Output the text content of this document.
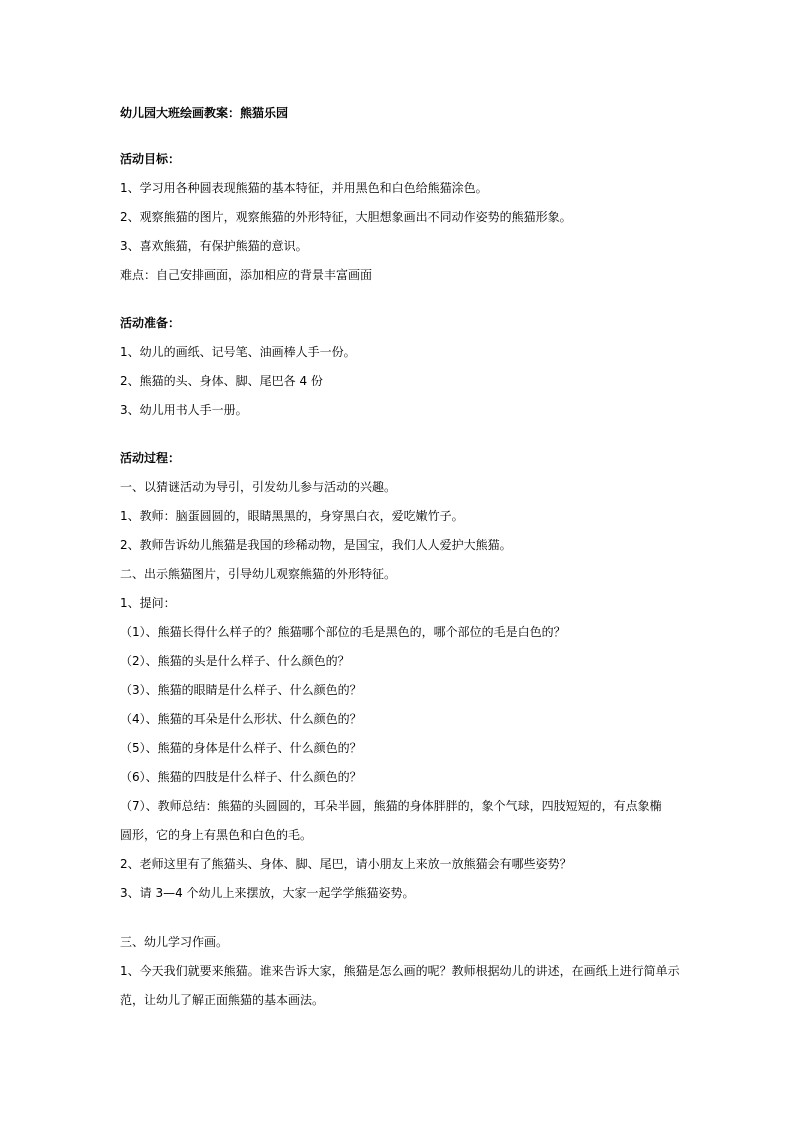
幼儿园大班绘画教案：熊猫乐园
活动目标：
1、学习用各种圆表现熊猫的基本特征，并用黑色和白色给熊猫涂色。
2、观察熊猫的图片，观察熊猫的外形特征，大胆想象画出不同动作姿势的熊猫形象。
3、喜欢熊猫，有保护熊猫的意识。
难点：自己安排画面，添加相应的背景丰富画面
活动准备：
1、幼儿的画纸、记号笔、油画棒人手一份。
2、熊猫的头、身体、脚、尾巴各 4 份
3、幼儿用书人手一册。
活动过程：
一、以猜谜活动为导引，引发幼儿参与活动的兴趣。
1、教师：脑蛋圆圆的，眼睛黑黑的，身穿黑白衣，爱吃嫩竹子。
2、教师告诉幼儿熊猫是我国的珍稀动物，是国宝，我们人人爱护大熊猫。
二、出示熊猫图片，引导幼儿观察熊猫的外形特征。
1、提问：
（1）、熊猫长得什么样子的？熊猫哪个部位的毛是黑色的，哪个部位的毛是白色的？
（2）、熊猫的头是什么样子、什么颜色的？
（3）、熊猫的眼睛是什么样子、什么颜色的？
（4）、熊猫的耳朵是什么形状、什么颜色的？
（5）、熊猫的身体是什么样子、什么颜色的？
（6）、熊猫的四肢是什么样子、什么颜色的？
（7）、教师总结：熊猫的头圆圆的，耳朵半圆，熊猫的身体胖胖的，象个气球，四肢短短的，有点象椭
圆形，它的身上有黑色和白色的毛。
2、老师这里有了熊猫头、身体、脚、尾巴，请小朋友上来放一放熊猫会有哪些姿势？
3、请 3—4 个幼儿上来摆放，大家一起学学熊猫姿势。
三、幼儿学习作画。
1、今天我们就要来熊猫。谁来告诉大家，熊猫是怎么画的呢？教师根据幼儿的讲述，在画纸上进行简单示
范，让幼儿了解正面熊猫的基本画法。
